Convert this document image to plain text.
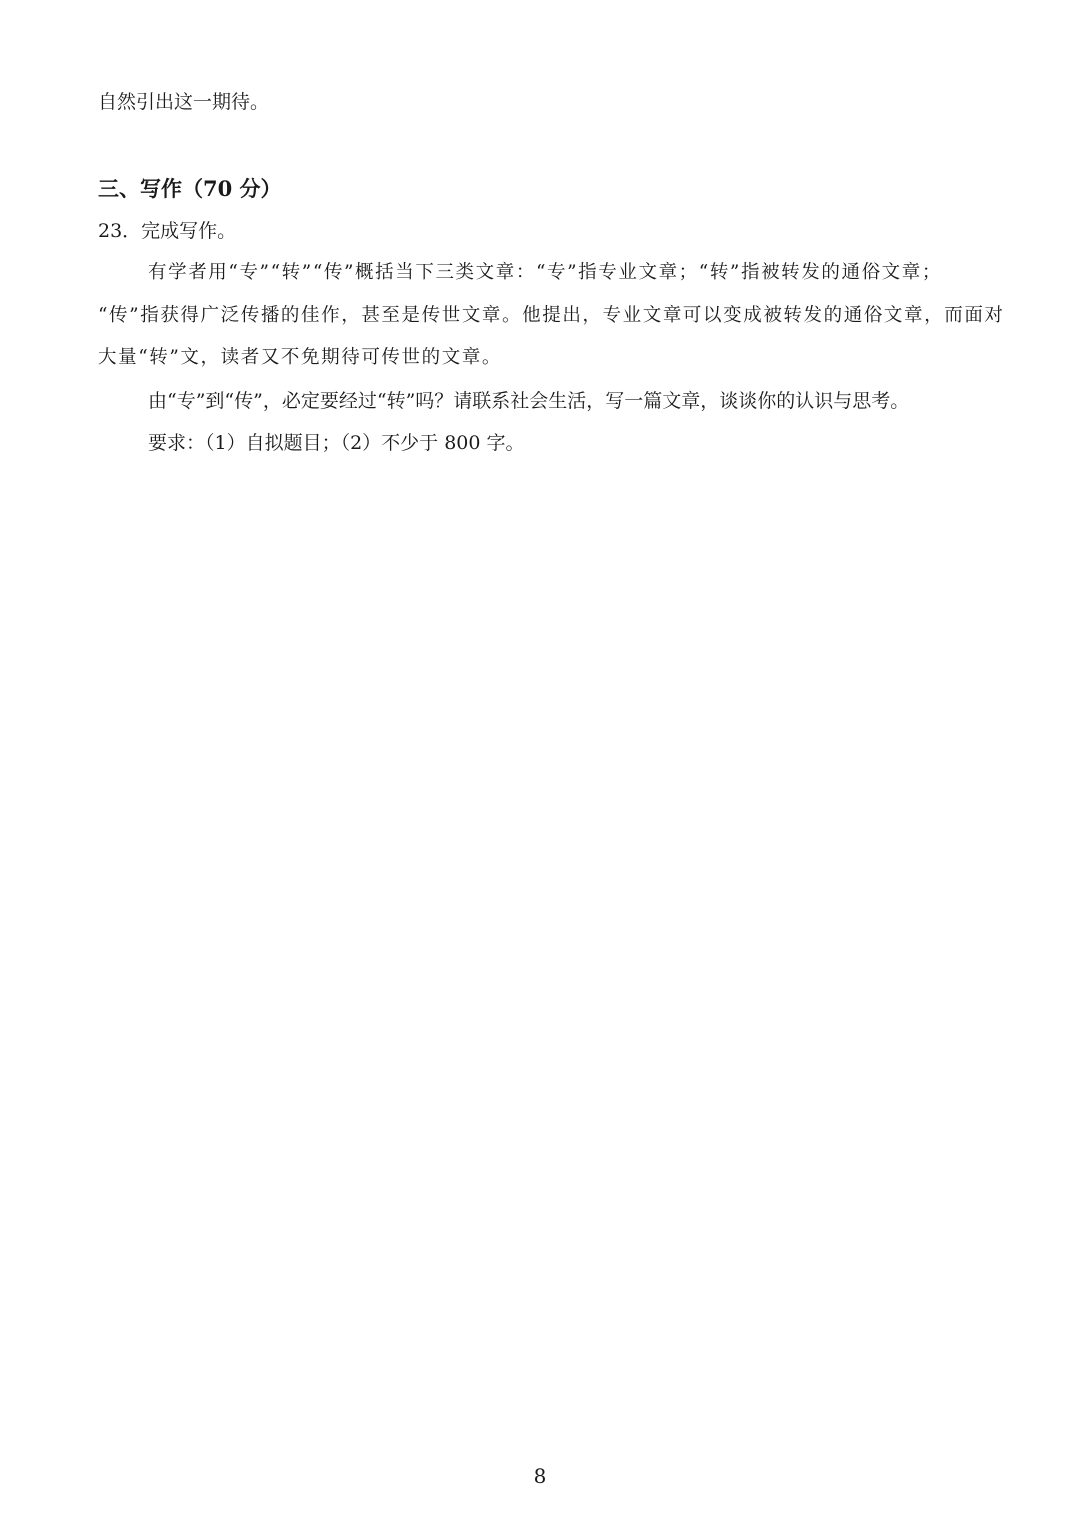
自然引出这一期待。
三、写作（70 分）
23．完成写作。
有学者用“专”“转”“传”概括当下三类文章：“专”指专业文章；“转”指被转发的通俗文章；
“传”指获得广泛传播的佳作，甚至是传世文章。他提出，专业文章可以变成被转发的通俗文章，而面对
大量“转”文，读者又不免期待可传世的文章。
由“专”到“传”，必定要经过“转”吗？请联系社会生活，写一篇文章，谈谈你的认识与思考。
要求：（1）自拟题目；（2）不少于 800 字。
8
